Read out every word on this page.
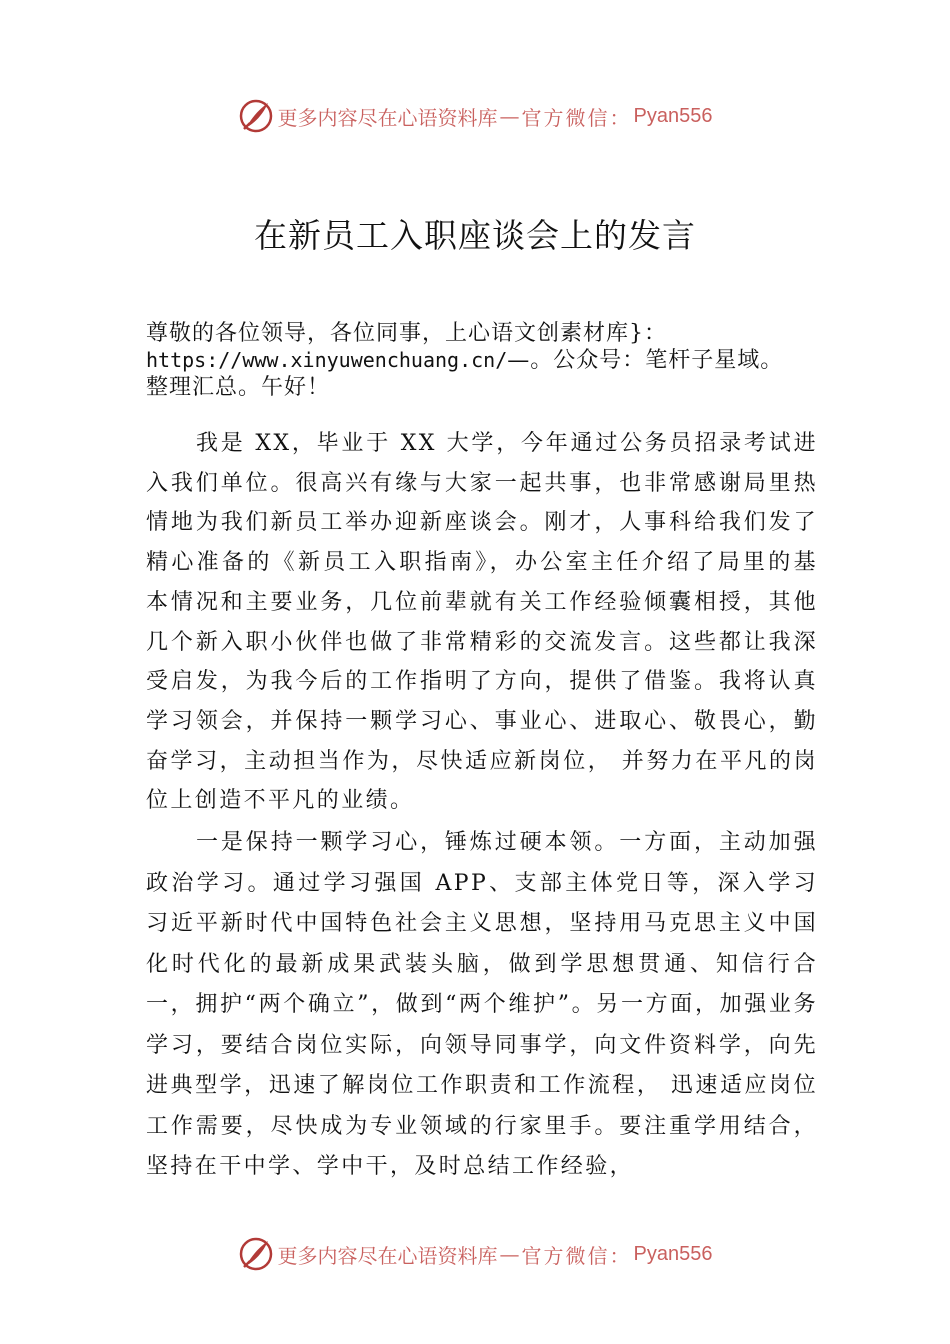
更多内容尽在心语资料库 — 官方微信： Pyan556
在新员工入职座谈会上的发言
尊敬的各位领导，各位同事，上心语文创素材库}：
https://www.xinyuwenchuang.cn/—。公众号：笔杆子星域。
整理汇总。午好！
我是 XX，毕业于 XX 大学，今年通过公务员招录考试进入我们单位。很高兴有缘与大家一起共事，也非常感谢局里热情地为我们新员工举办迎新座谈会。刚才，人事科给我们发了精心准备的《新员工入职指南》，办公室主任介绍了局里的基本情况和主要业务，几位前辈就有关工作经验倾囊相授，其他几个新入职小伙伴也做了非常精彩的交流发言。这些都让我深受启发，为我今后的工作指明了方向，提供了借鉴。我将认真学习领会，并保持一颗学习心、事业心、进取心、敬畏心，勤奋学习，主动担当作为，尽快适应新岗位， 并努力在平凡的岗位上创造不平凡的业绩。
一是保持一颗学习心，锤炼过硬本领。一方面，主动加强政治学习。通过学习强国 APP、支部主体党日等，深入学习习近平新时代中国特色社会主义思想，坚持用马克思主义中国化时代化的最新成果武装头脑，做到学思想贯通、知信行合一，拥护“两个确立”，做到“两个维护”。另一方面，加强业务学习，要结合岗位实际，向领导同事学，向文件资料学，向先进典型学，迅速了解岗位工作职责和工作流程， 迅速适应岗位工作需要，尽快成为专业领域的行家里手。要注重学用结合，坚持在干中学、学中干，及时总结工作经验，
更多内容尽在心语资料库 — 官方微信： Pyan556
